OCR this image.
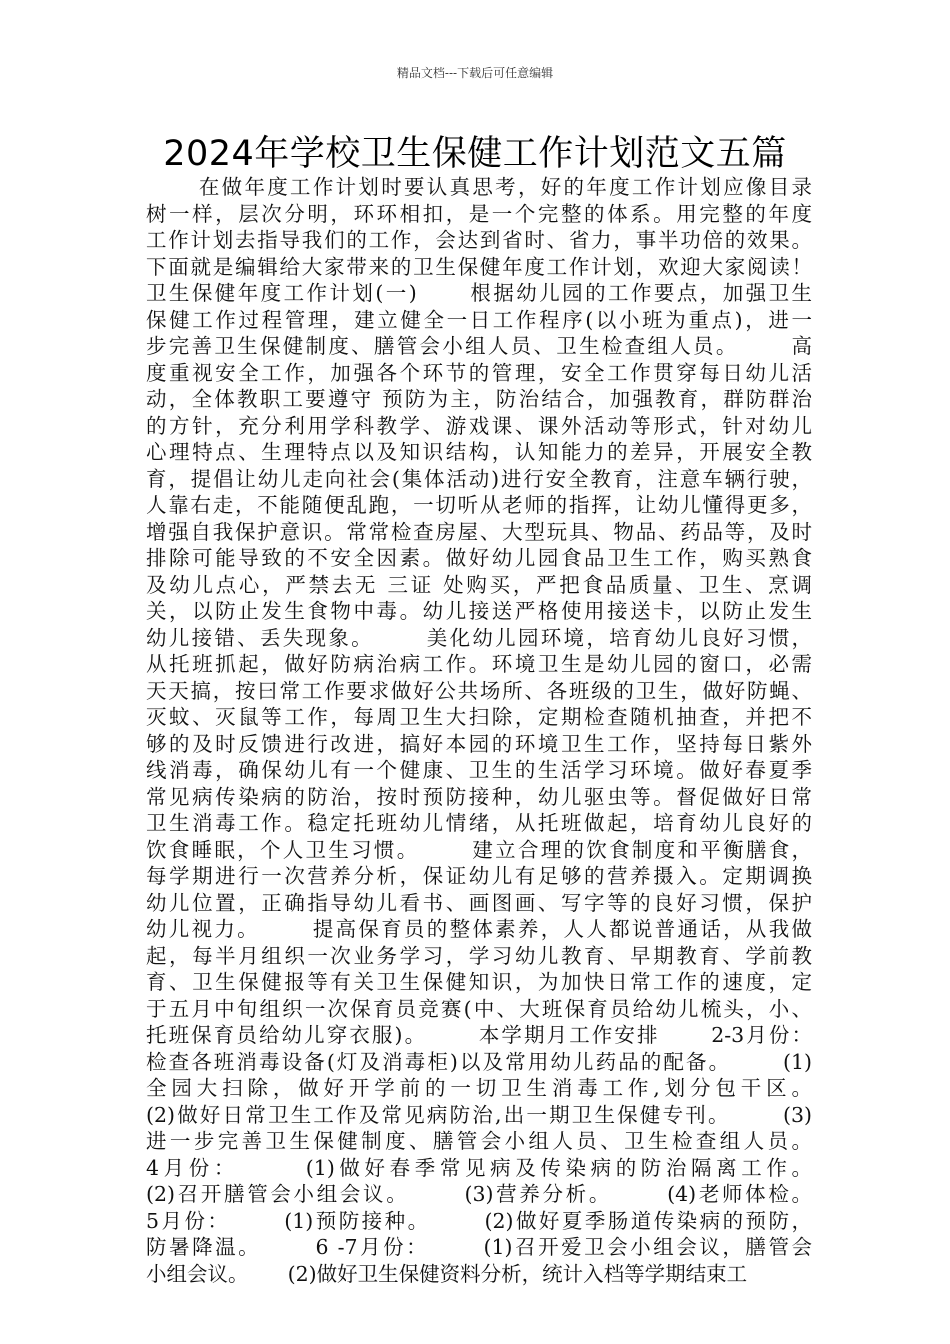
精品文档---下载后可任意编辑
2024年学校卫生保健工作计划范文五篇
在做年度工作计划时要认真思考，好的年度工作计划应像目录
树一样，层次分明，环环相扣，是一个完整的体系。用完整的年度
工作计划去指导我们的工作，会达到省时、省力，事半功倍的效果。
下面就是编辑给大家带来的卫生保健年度工作计划，欢迎大家阅读！
卫生保健年度工作计划(一)      根据幼儿园的工作要点，加强卫生
保健工作过程管理，建立健全一日工作程序(以小班为重点)，进一
步完善卫生保健制度、膳管会小组人员、卫生检查组人员。      高
度重视安全工作，加强各个环节的管理，安全工作贯穿每日幼儿活
动，全体教职工要遵守 预防为主，防治结合，加强教育，群防群治
的方针，充分利用学科教学、游戏课、课外活动等形式，针对幼儿
心理特点、生理特点以及知识结构，认知能力的差异，开展安全教
育，提倡让幼儿走向社会(集体活动)进行安全教育，注意车辆行驶，
人靠右走，不能随便乱跑，一切听从老师的指挥，让幼儿懂得更多，
增强自我保护意识。常常检查房屋、大型玩具、物品、药品等，及时
排除可能导致的不安全因素。做好幼儿园食品卫生工作，购买熟食
及幼儿点心，严禁去无 三证 处购买，严把食品质量、卫生、烹调
关，以防止发生食物中毒。幼儿接送严格使用接送卡，以防止发生
幼儿接错、丢失现象。      美化幼儿园环境，培育幼儿良好习惯，
从托班抓起，做好防病治病工作。环境卫生是幼儿园的窗口，必需
天天搞，按曰常工作要求做好公共场所、各班级的卫生，做好防蝇、
灭蚊、灭鼠等工作，每周卫生大扫除，定期检查随机抽查，并把不
够的及时反馈进行改进，搞好本园的环境卫生工作，坚持每日紫外
线消毒，确保幼儿有一个健康、卫生的生活学习环境。做好春夏季
常见病传染病的防治，按时预防接种，幼儿驱虫等。督促做好日常
卫生消毒工作。稳定托班幼儿情绪，从托班做起，培育幼儿良好的
饮食睡眠，个人卫生习惯。      建立合理的饮食制度和平衡膳食，
每学期进行一次营养分析，保证幼儿有足够的营养摄入。定期调换
幼儿位置，正确指导幼儿看书、画图画、写字等的良好习惯，保护
幼儿视力。      提高保育员的整体素养，人人都说普通话，从我做
起，每半月组织一次业务学习，学习幼儿教育、早期教育、学前教
育、卫生保健报等有关卫生保健知识，为加快日常工作的速度，定
于五月中旬组织一次保育员竞赛(中、大班保育员给幼儿梳头，小、
托班保育员给幼儿穿衣服)。      本学期月工作安排      2-3月份：
检查各班消毒设备(灯及消毒柜)以及常用幼儿药品的配备。      (1)
全园大扫除，做好开学前的一切卫生消毒工作,划分包干区。
(2)做好日常卫生工作及常见病防治,出一期卫生保健专刊。      (3)
进一步完善卫生保健制度、膳管会小组人员、卫生检查组人员。
4月份：      (1)做好春季常见病及传染病的防治隔离工作。
(2)召开膳管会小组会议。      (3)营养分析。      (4)老师体检。
5月份：      (1)预防接种。      (2)做好夏季肠道传染病的预防，
防暑降温。      6 -7月份：      (1)召开爱卫会小组会议，膳管会
小组会议。      (2)做好卫生保健资料分析，统计入档等学期结束工
